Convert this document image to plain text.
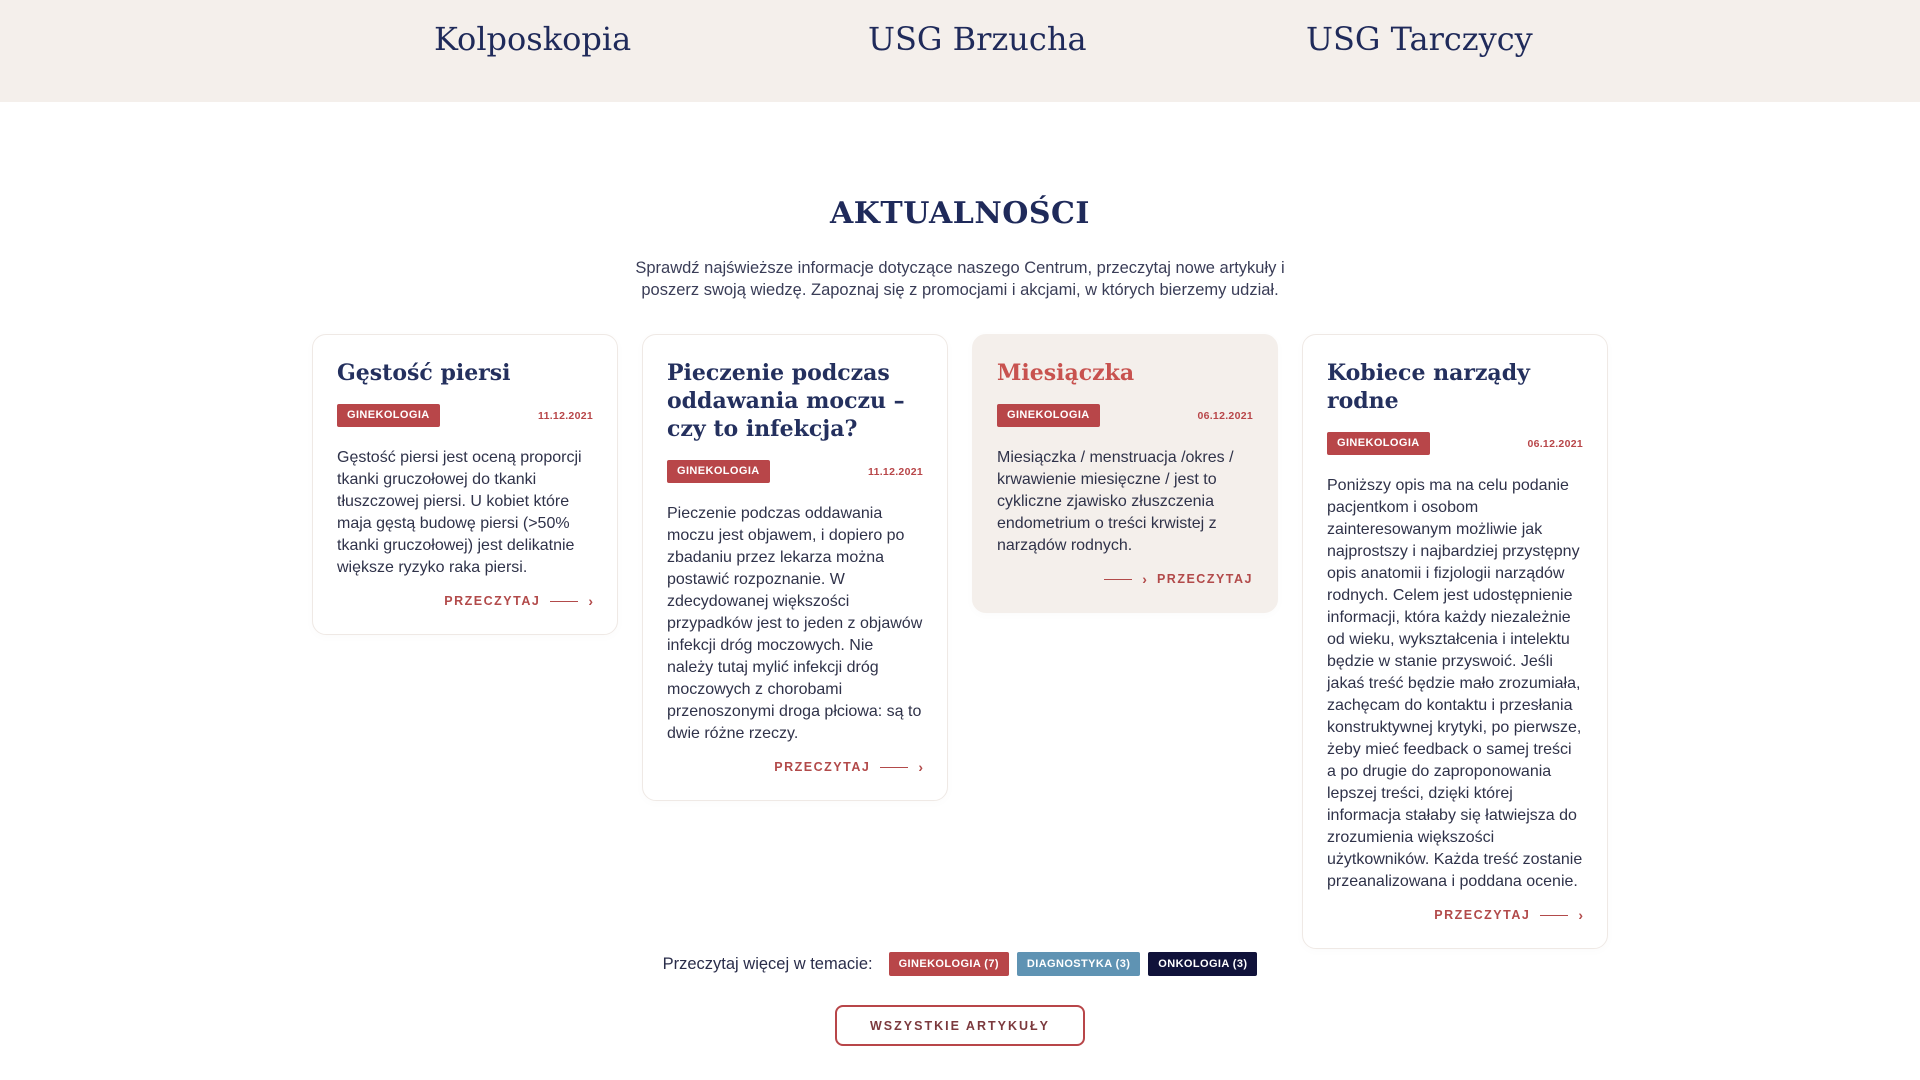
Kolposkopia	USG Brzucha	USG Tarczycy
AKTUALNOŚCI

Sprawdź najświeższe informacje dotyczące naszego Centrum, przeczytaj nowe artykuły i poszerz swoją wiedzę. Zapoznaj się z promocjami i akcjami, w których bierzemy udział.

Gęstość piersi
GINEKOLOGIA	11.12.2021

Gęstość piersi jest oceną proporcji tkanki gruczołowej do tkanki tłuszczowej piersi. U kobiet które maja gęstą budowę piersi (>50% tkanki gruczołowej) jest delikatnie większe ryzyko raka piersi.

PRZECZYTAJ	›
Pieczenie podczas oddawania moczu – czy to infekcja?
GINEKOLOGIA	11.12.2021

Pieczenie podczas oddawania moczu jest objawem, i dopiero po zbadaniu przez lekarza można postawić rozpoznanie. W zdecydowanej większości przypadków jest to jeden z objawów infekcji dróg moczowych. Nie należy tutaj mylić infekcji dróg moczowych z chorobami przenoszonymi droga płciowa: są to dwie różne rzeczy.

PRZECZYTAJ	›
Miesiączka
GINEKOLOGIA	06.12.2021

Miesiączka / menstruacja /okres / krwawienie miesięczne / jest to cykliczne zjawisko złuszczenia endometrium o treści krwistej z narządów rodnych.

› PRZECZYTAJ
Kobiece narządy rodne
GINEKOLOGIA	06.12.2021

Poniższy opis ma na celu podanie pacjentkom i osobom zainteresowanym możliwie jak najprostszy i najbardziej przystępny opis anatomii i fizjologii narządów rodnych. Celem jest udostępnienie informacji, która każdy niezależnie od wieku, wykształcenia i intelektu będzie w stanie przyswoić. Jeśli jakaś treść będzie mało zrozumiała, zachęcam do kontaktu i przesłania konstruktywnej krytyki, po pierwsze, żeby mieć feedback o samej treści a po drugie do zaproponowania lepszej treści, dzięki której informacja stałaby się łatwiejsza do zrozumienia większości użytkowników. Każda treść zostanie przeanalizowana i poddana ocenie.

PRZECZYTAJ	›
Przeczytaj więcej w temacie:	GINEKOLOGIA (7)	DIAGNOSTYKA (3)	ONKOLOGIA (3)
WSZYSTKIE ARTYKUŁY
